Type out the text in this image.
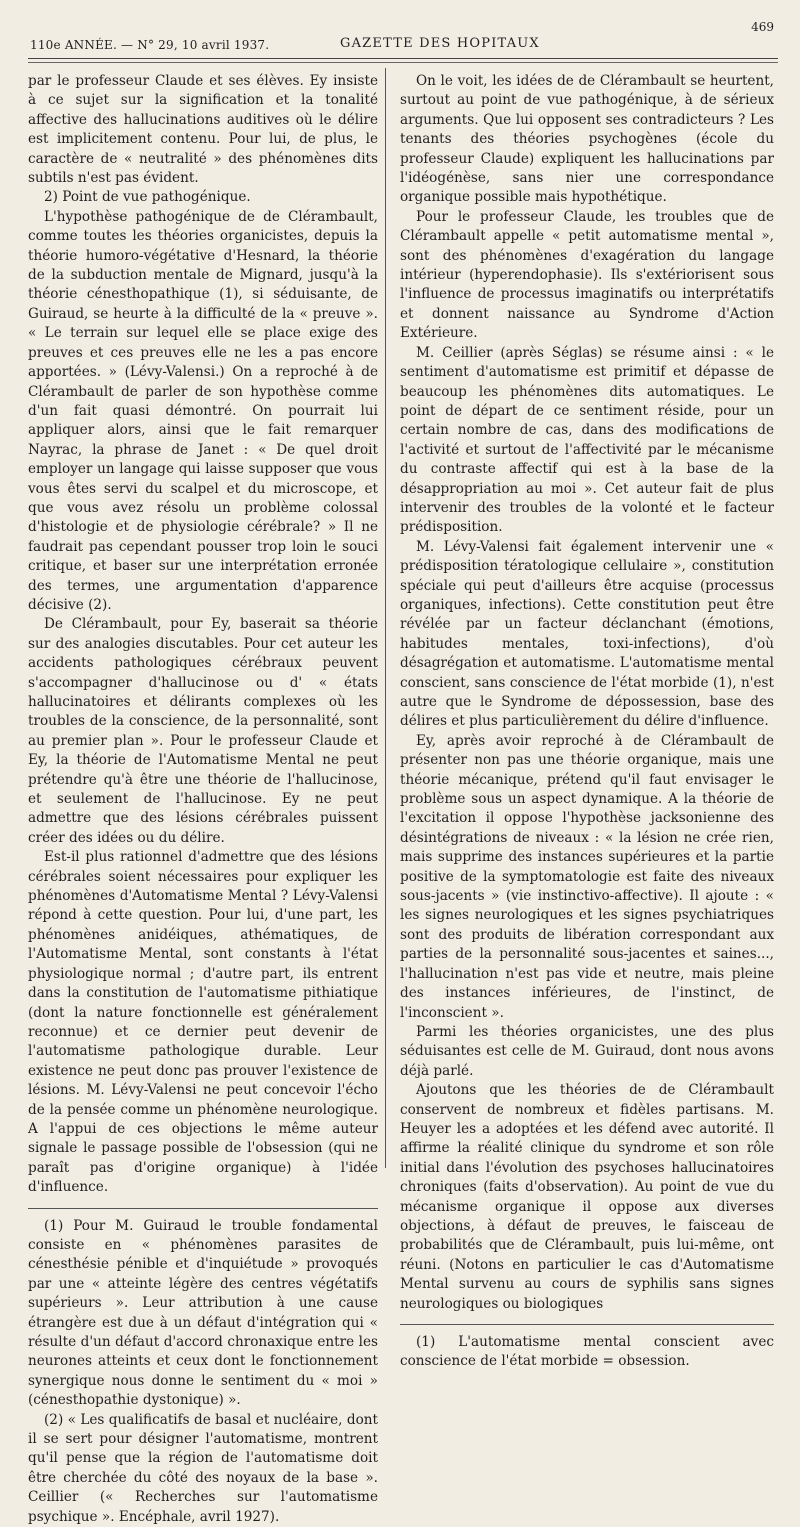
110e ANNÉE. — N° 29, 10 avril 1937.	GAZETTE DES HOPITAUX
469

par le professeur Claude et ses élèves. Ey insiste à ce sujet sur la signification et la tonalité affective des hallucinations auditives où le délire est implicitement contenu. Pour lui, de plus, le caractère de « neutralité » des phénomènes dits subtils n'est pas évident.

2) Point de vue pathogénique.

L'hypothèse pathogénique de de Clérambault, comme toutes les théories organicistes, depuis la théorie humoro-végétative d'Hesnard, la théorie de la subduction mentale de Mignard, jusqu'à la théorie cénesthopathique (1), si séduisante, de Guiraud, se heurte à la difficulté de la « preuve ». « Le terrain sur lequel elle se place exige des preuves et ces preuves elle ne les a pas encore apportées. » (Lévy-Valensi.) On a reproché à de Clérambault de parler de son hypothèse comme d'un fait quasi démontré. On pourrait lui appliquer alors, ainsi que le fait remarquer Nayrac, la phrase de Janet : « De quel droit employer un langage qui laisse supposer que vous vous êtes servi du scalpel et du microscope, et que vous avez résolu un problème colossal d'histologie et de physiologie cérébrale? » Il ne faudrait pas cependant pousser trop loin le souci critique, et baser sur une interprétation erronée des termes, une argumentation d'apparence décisive (2).

De Clérambault, pour Ey, baserait sa théorie sur des analogies discutables. Pour cet auteur les accidents pathologiques cérébraux peuvent s'accompagner d'hallucinose ou d' « états hallucinatoires et délirants complexes où les troubles de la conscience, de la personnalité, sont au premier plan ». Pour le professeur Claude et Ey, la théorie de l'Automatisme Mental ne peut prétendre qu'à être une théorie de l'hallucinose, et seulement de l'hallucinose. Ey ne peut admettre que des lésions cérébrales puissent créer des idées ou du délire.

Est-il plus rationnel d'admettre que des lésions cérébrales soient nécessaires pour expliquer les phénomènes d'Automatisme Mental ? Lévy-Valensi répond à cette question. Pour lui, d'une part, les phénomènes anidéiques, athématiques, de l'Automatisme Mental, sont constants à l'état physiologique normal ; d'autre part, ils entrent dans la constitution de l'automatisme pithiatique (dont la nature fonctionnelle est généralement reconnue) et ce dernier peut devenir de l'automatisme pathologique durable. Leur existence ne peut donc pas prouver l'existence de lésions. M. Lévy-Valensi ne peut concevoir l'écho de la pensée comme un phénomène neurologique. A l'appui de ces objections le même auteur signale le passage possible de l'obsession (qui ne paraît pas d'origine organique) à l'idée d'influence.

(1) Pour M. Guiraud le trouble fondamental consiste en « phénomènes parasites de cénesthésie pénible et d'inquiétude » provoqués par une « atteinte légère des centres végétatifs supérieurs ». Leur attribution à une cause étrangère est due à un défaut d'intégration qui « résulte d'un défaut d'accord chronaxique entre les neurones atteints et ceux dont le fonctionnement synergique nous donne le sentiment du « moi » (cénesthopathie dystonique) ».

(2) « Les qualificatifs de basal et nucléaire, dont il se sert pour désigner l'automatisme, montrent qu'il pense que la région de l'automatisme doit être cherchée du côté des noyaux de la base ». Ceillier (« Recherches sur l'automatisme psychique ». Encéphale, avril 1927).

On le voit, les idées de de Clérambault se heurtent, surtout au point de vue pathogénique, à de sérieux arguments. Que lui opposent ses contradicteurs ? Les tenants des théories psychogènes (école du professeur Claude) expliquent les hallucinations par l'idéogénèse, sans nier une correspondance organique possible mais hypothétique.

Pour le professeur Claude, les troubles que de Clérambault appelle « petit automatisme mental », sont des phénomènes d'exagération du langage intérieur (hyperendophasie). Ils s'extériorisent sous l'influence de processus imaginatifs ou interprétatifs et donnent naissance au Syndrome d'Action Extérieure.

M. Ceillier (après Séglas) se résume ainsi : « le sentiment d'automatisme est primitif et dépasse de beaucoup les phénomènes dits automatiques. Le point de départ de ce sentiment réside, pour un certain nombre de cas, dans des modifications de l'activité et surtout de l'affectivité par le mécanisme du contraste affectif qui est à la base de la désappropriation au moi ». Cet auteur fait de plus intervenir des troubles de la volonté et le facteur prédisposition.

M. Lévy-Valensi fait également intervenir une « prédisposition tératologique cellulaire », constitution spéciale qui peut d'ailleurs être acquise (processus organiques, infections). Cette constitution peut être révélée par un facteur déclanchant (émotions, habitudes mentales, toxi-infections), d'où désagrégation et automatisme. L'automatisme mental conscient, sans conscience de l'état morbide (1), n'est autre que le Syndrome de dépossession, base des délires et plus particulièrement du délire d'influence.

Ey, après avoir reproché à de Clérambault de présenter non pas une théorie organique, mais une théorie mécanique, prétend qu'il faut envisager le problème sous un aspect dynamique. A la théorie de l'excitation il oppose l'hypothèse jacksonienne des désintégrations de niveaux : « la lésion ne crée rien, mais supprime des instances supérieures et la partie positive de la symptomatologie est faite des niveaux sous-jacents » (vie instinctivo-affective). Il ajoute : « les signes neurologiques et les signes psychiatriques sont des produits de libération correspondant aux parties de la personnalité sous-jacentes et saines..., l'hallucination n'est pas vide et neutre, mais pleine des instances inférieures, de l'instinct, de l'inconscient ».

Parmi les théories organicistes, une des plus séduisantes est celle de M. Guiraud, dont nous avons déjà parlé.

Ajoutons que les théories de de Clérambault conservent de nombreux et fidèles partisans. M. Heuyer les a adoptées et les défend avec autorité. Il affirme la réalité clinique du syndrome et son rôle initial dans l'évolution des psychoses hallucinatoires chroniques (faits d'observation). Au point de vue du mécanisme organique il oppose aux diverses objections, à défaut de preuves, le faisceau de probabilités que de Clérambault, puis lui-même, ont réuni. (Notons en particulier le cas d'Automatisme Mental survenu au cours de syphilis sans signes neurologiques ou biologiques

(1) L'automatisme mental conscient avec conscience de l'état morbide = obsession.
